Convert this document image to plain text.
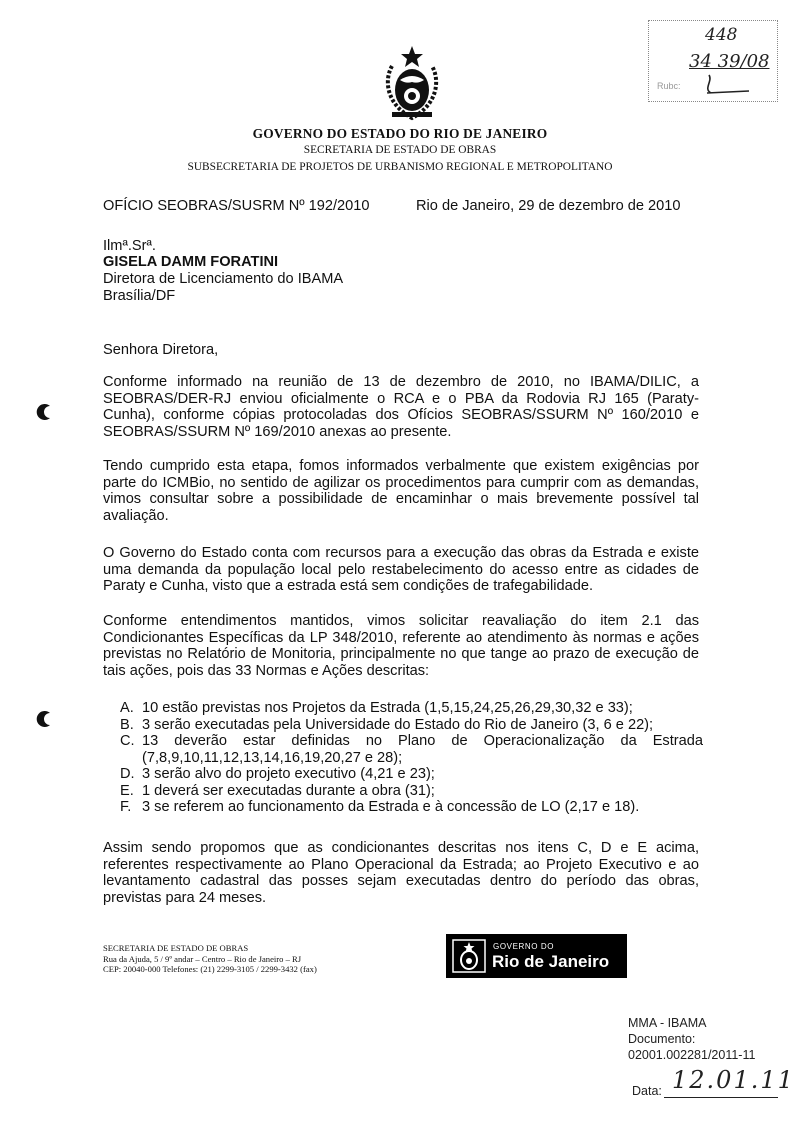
448
34 39/08
Rubc:
GOVERNO DO ESTADO DO RIO DE JANEIRO
SECRETARIA DE ESTADO DE OBRAS
SUBSECRETARIA DE PROJETOS DE URBANISMO REGIONAL E METROPOLITANO
OFÍCIO SEOBRAS/SUSRM Nº 192/2010	Rio de Janeiro, 29 de dezembro de 2010
Ilmª.Srª.
GISELA DAMM FORATINI
Diretora de Licenciamento do IBAMA
Brasília/DF
Senhora Diretora,
Conforme informado na reunião de 13 de dezembro de 2010, no IBAMA/DILIC, a SEOBRAS/DER-RJ enviou oficialmente o RCA e o PBA da Rodovia RJ 165 (Paraty-Cunha), conforme cópias protocoladas dos Ofícios SEOBRAS/SSURM Nº 160/2010 e SEOBRAS/SSURM Nº 169/2010 anexas ao presente.
Tendo cumprido esta etapa, fomos informados verbalmente que existem exigências por parte do ICMBio, no sentido de agilizar os procedimentos para cumprir com as demandas, vimos consultar sobre a possibilidade de encaminhar o mais brevemente possível tal avaliação.
O Governo do Estado conta com recursos para a execução das obras da Estrada e existe uma demanda da população local pelo restabelecimento do acesso entre as cidades de Paraty e Cunha, visto que a estrada está sem condições de trafegabilidade.
Conforme entendimentos mantidos, vimos solicitar reavaliação do item 2.1 das Condicionantes Específicas da LP 348/2010, referente ao atendimento às normas e ações previstas no Relatório de Monitoria, principalmente no que tange ao prazo de execução de tais ações, pois das 33 Normas e Ações descritas:
A. 10 estão previstas nos Projetos da Estrada (1,5,15,24,25,26,29,30,32 e 33);
B. 3 serão executadas pela Universidade do Estado do Rio de Janeiro (3, 6 e 22);
C. 13 deverão estar definidas no Plano de Operacionalização da Estrada (7,8,9,10,11,12,13,14,16,19,20,27 e 28);
D. 3 serão alvo do projeto executivo (4,21 e 23);
E. 1 deverá ser executadas durante a obra (31);
F. 3 se referem ao funcionamento da Estrada e à concessão de LO (2,17 e 18).
Assim sendo propomos que as condicionantes descritas nos itens C, D e E acima, referentes respectivamente ao Plano Operacional da Estrada; ao Projeto Executivo e ao levantamento cadastral das posses sejam executadas dentro do período das obras, previstas para 24 meses.
SECRETARIA DE ESTADO DE OBRAS
Rua da Ajuda, 5 / 9º andar – Centro – Rio de Janeiro – RJ
CEP: 20040-000 Telefones: (21) 2299-3105 / 2299-3432 (fax)
GOVERNO DO
Rio de Janeiro
MMA - IBAMA
Documento:
02001.002281/2011-11
Data: 12.01.11
